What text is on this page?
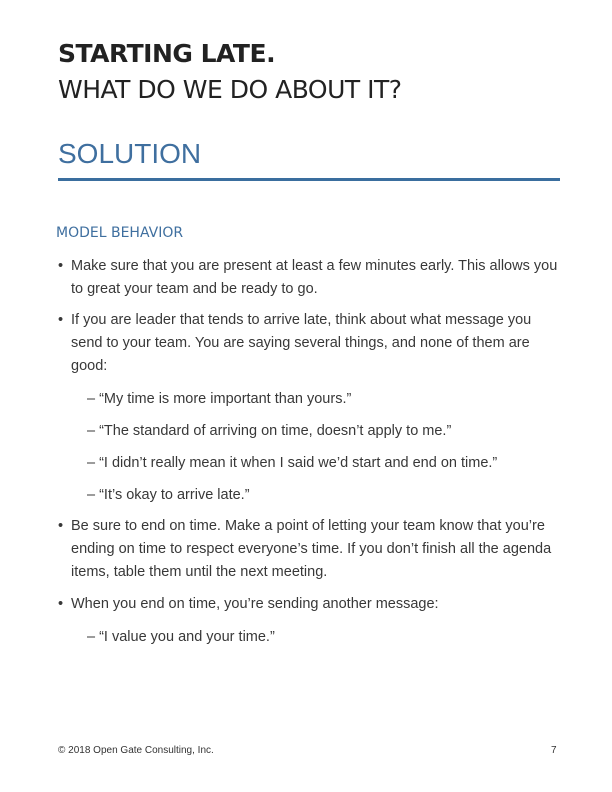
STARTING LATE.
WHAT DO WE DO ABOUT IT?
SOLUTION
MODEL BEHAVIOR
• Make sure that you are present at least a few minutes early. This allows you to great your team and be ready to go.
• If you are leader that tends to arrive late, think about what message you send to your team. You are saying several things, and none of them are good:
– “My time is more important than yours.”
– “The standard of arriving on time, doesn’t apply to me.”
– “I didn’t really mean it when I said we’d start and end on time.”
– “It’s okay to arrive late.”
• Be sure to end on time. Make a point of letting your team know that you’re ending on time to respect everyone’s time. If you don’t finish all the agenda items, table them until the next meeting.
• When you end on time, you’re sending another message:
– “I value you and your time.”
© 2018 Open Gate Consulting, Inc.	7
